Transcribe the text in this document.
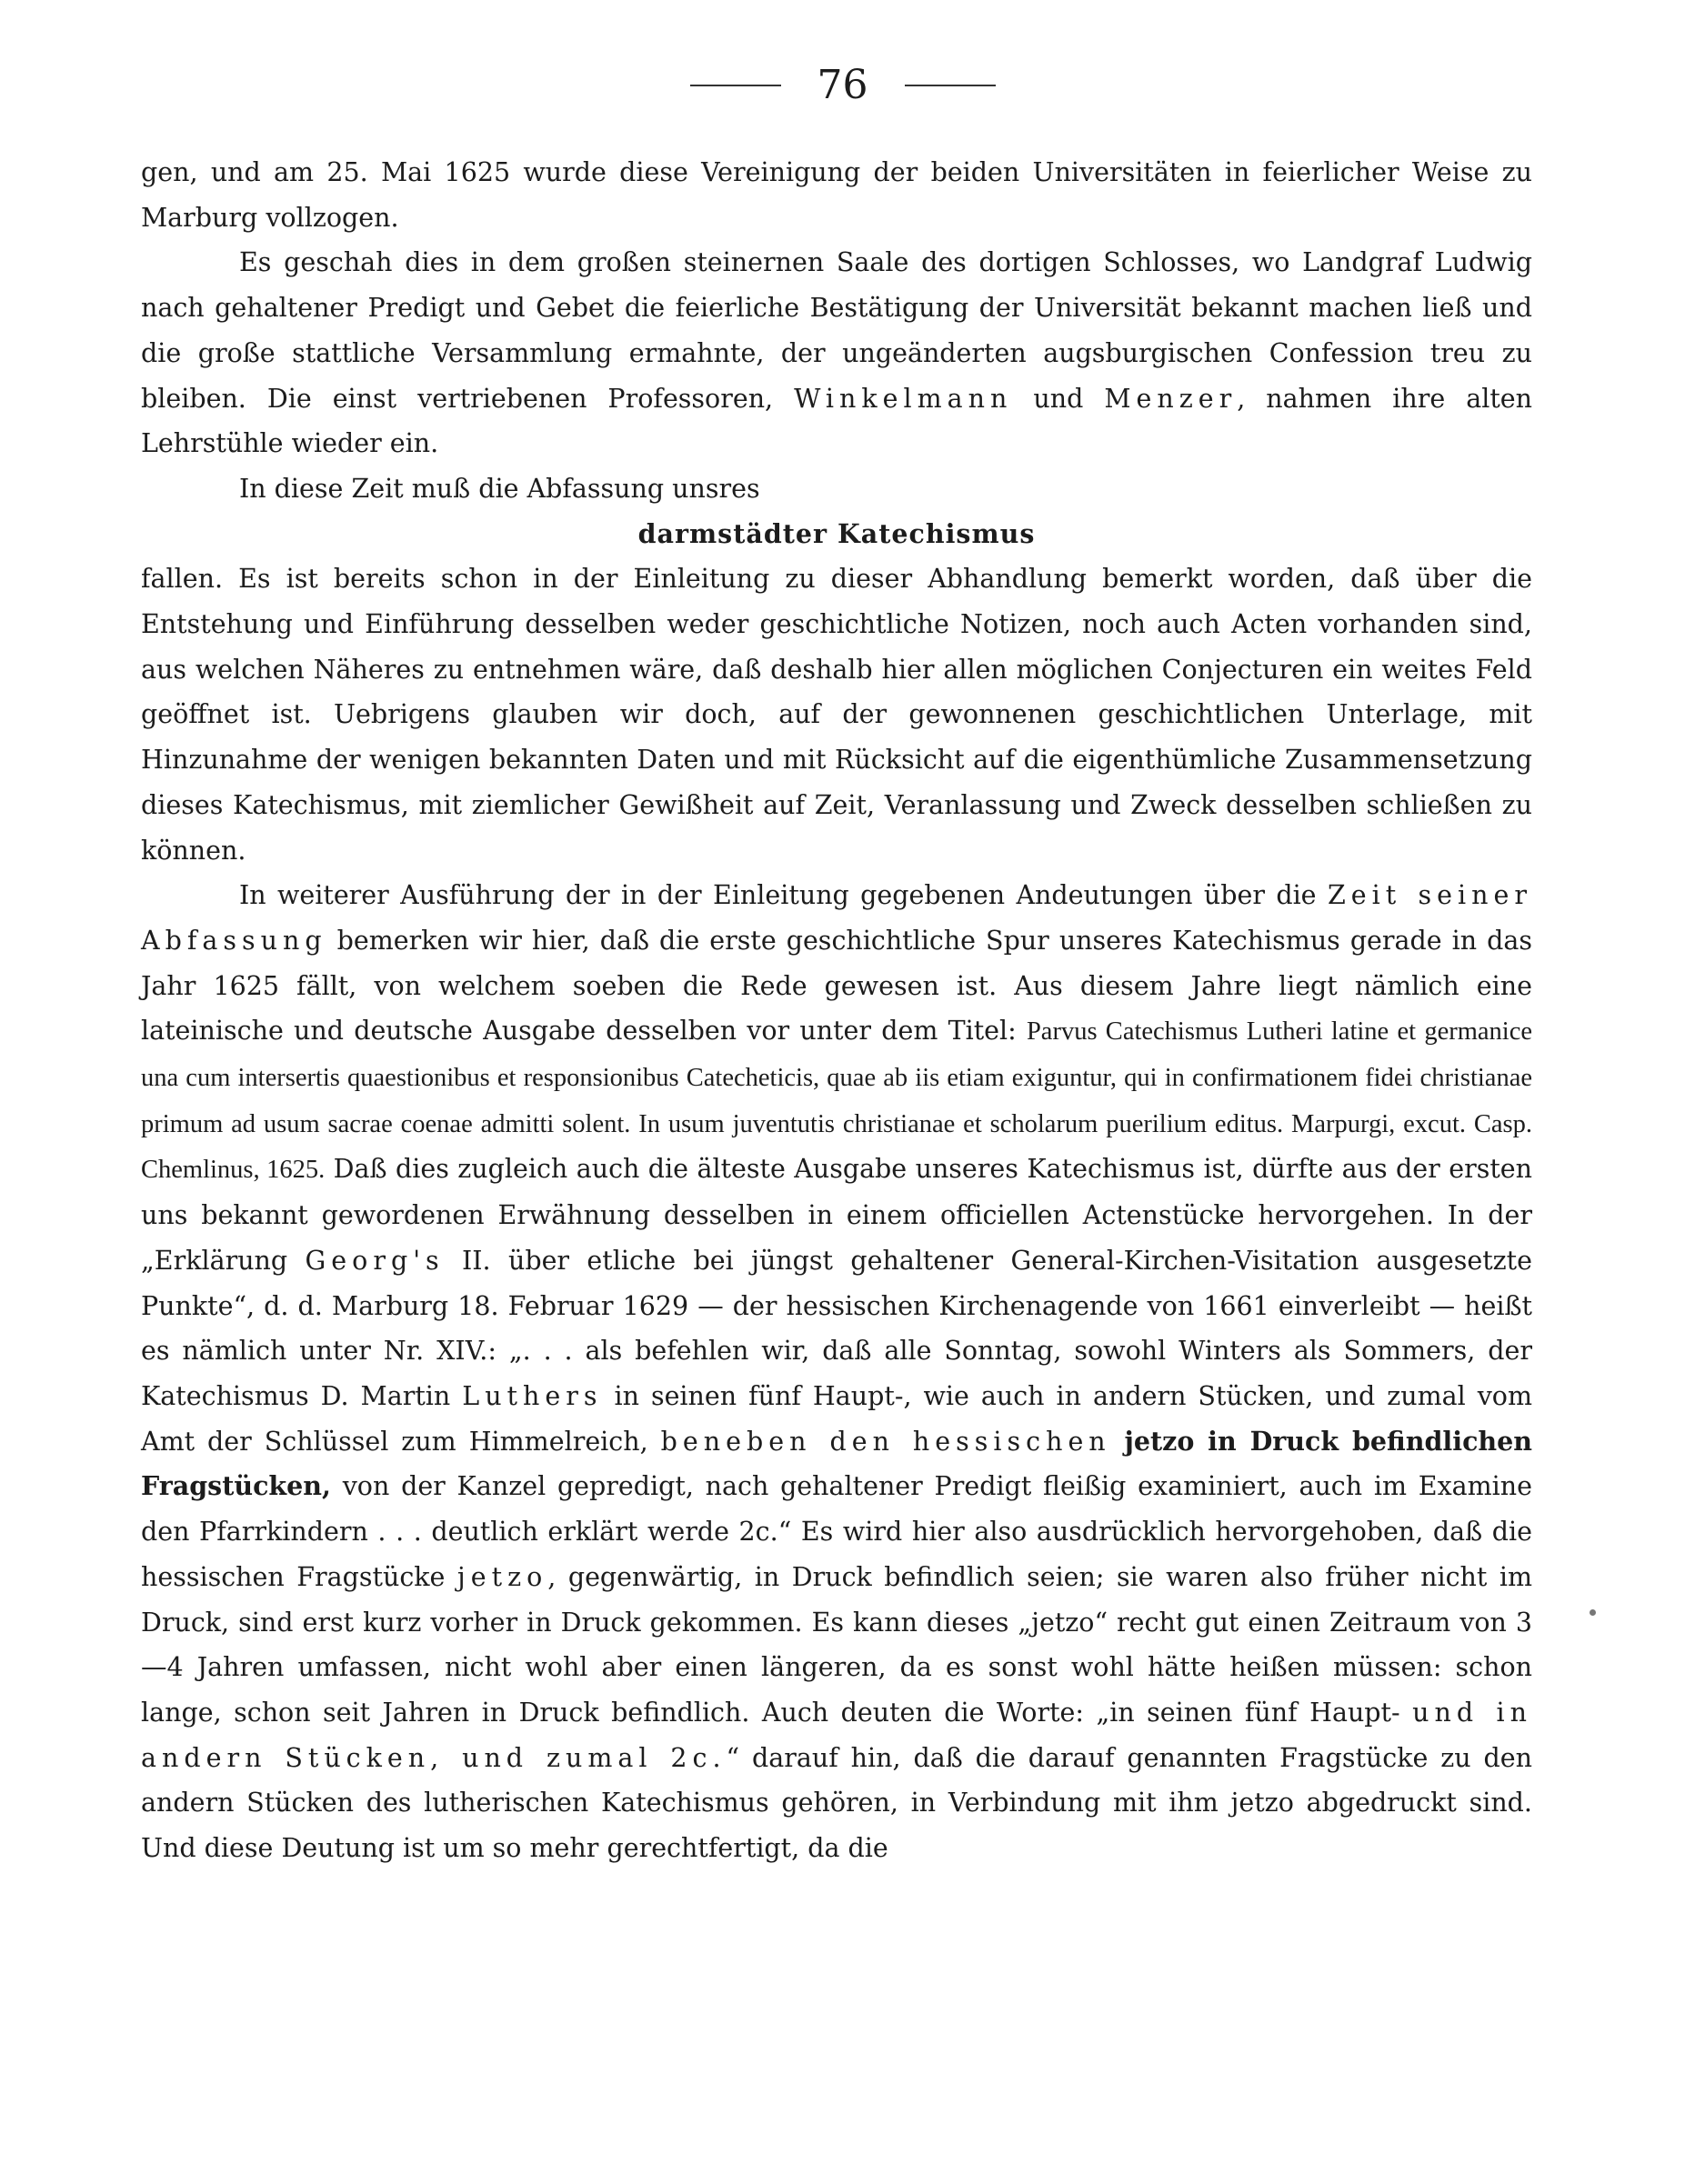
76

gen, und am 25. Mai 1625 wurde diese Vereinigung der beiden Universitäten in feierlicher Weise zu Marburg vollzogen.

Es geschah dies in dem großen steinernen Saale des dortigen Schlosses, wo Landgraf Ludwig nach gehaltener Predigt und Gebet die feierliche Bestätigung der Universität bekannt machen ließ und die große stattliche Versammlung ermahnte, der ungeänderten augsburgischen Confession treu zu bleiben. Die einst vertriebenen Professoren, Winkelmann und Menzer, nahmen ihre alten Lehrstühle wieder ein.

In diese Zeit muß die Abfassung unsres

darmstädter Katechismus

fallen. Es ist bereits schon in der Einleitung zu dieser Abhandlung bemerkt worden, daß über die Entstehung und Einführung desselben weder geschichtliche Notizen, noch auch Acten vorhanden sind, aus welchen Näheres zu entnehmen wäre, daß deshalb hier allen möglichen Conjecturen ein weites Feld geöffnet ist. Uebrigens glauben wir doch, auf der gewonnenen geschichtlichen Unterlage, mit Hinzunahme der wenigen bekannten Daten und mit Rücksicht auf die eigenthümliche Zusammensetzung dieses Katechismus, mit ziemlicher Gewißheit auf Zeit, Veranlassung und Zweck desselben schließen zu können.

In weiterer Ausführung der in der Einleitung gegebenen Andeutungen über die Zeit seiner Abfassung bemerken wir hier, daß die erste geschichtliche Spur unseres Katechismus gerade in das Jahr 1625 fällt, von welchem soeben die Rede gewesen ist. Aus diesem Jahre liegt nämlich eine lateinische und deutsche Ausgabe desselben vor unter dem Titel: Parvus Catechismus Lutheri latine et germanice una cum intersertis quaestionibus et responsionibus Catecheticis, quae ab iis etiam exiguntur, qui in confirmationem fidei christianae primum ad usum sacrae coenae admitti solent. In usum juventutis christianae et scholarum puerilium editus. Marpurgi, excut. Casp. Chemlinus, 1625. Daß dies zugleich auch die älteste Ausgabe unseres Katechismus ist, dürfte aus der ersten uns bekannt gewordenen Erwähnung desselben in einem officiellen Actenstücke hervorgehen. In der „Erklärung Georg's II. über etliche bei jüngst gehaltener General-Kirchen-Visitation ausgesetzte Punkte“, d. d. Marburg 18. Februar 1629 — der hessischen Kirchenagende von 1661 einverleibt — heißt es nämlich unter Nr. XIV.: „. . . als befehlen wir, daß alle Sonntag, sowohl Winters als Sommers, der Katechismus D. Martin Luthers in seinen fünf Haupt-, wie auch in andern Stücken, und zumal vom Amt der Schlüssel zum Himmelreich, beneben den hessischen jetzo in Druck befindlichen Fragstücken, von der Kanzel gepredigt, nach gehaltener Predigt fleißig examiniert, auch im Examine den Pfarrkindern . . . deutlich erklärt werde 2c.“ Es wird hier also ausdrücklich hervorgehoben, daß die hessischen Fragstücke jetzo, gegenwärtig, in Druck befindlich seien; sie waren also früher nicht im Druck, sind erst kurz vorher in Druck gekommen. Es kann dieses „jetzo“ recht gut einen Zeitraum von 3—4 Jahren umfassen, nicht wohl aber einen längeren, da es sonst wohl hätte heißen müssen: schon lange, schon seit Jahren in Druck befindlich. Auch deuten die Worte: „in seinen fünf Haupt- und in andern Stücken, und zumal 2c.“ darauf hin, daß die darauf genannten Fragstücke zu den andern Stücken des lutherischen Katechismus gehören, in Verbindung mit ihm jetzo abgedruckt sind. Und diese Deutung ist um so mehr gerechtfertigt, da die
